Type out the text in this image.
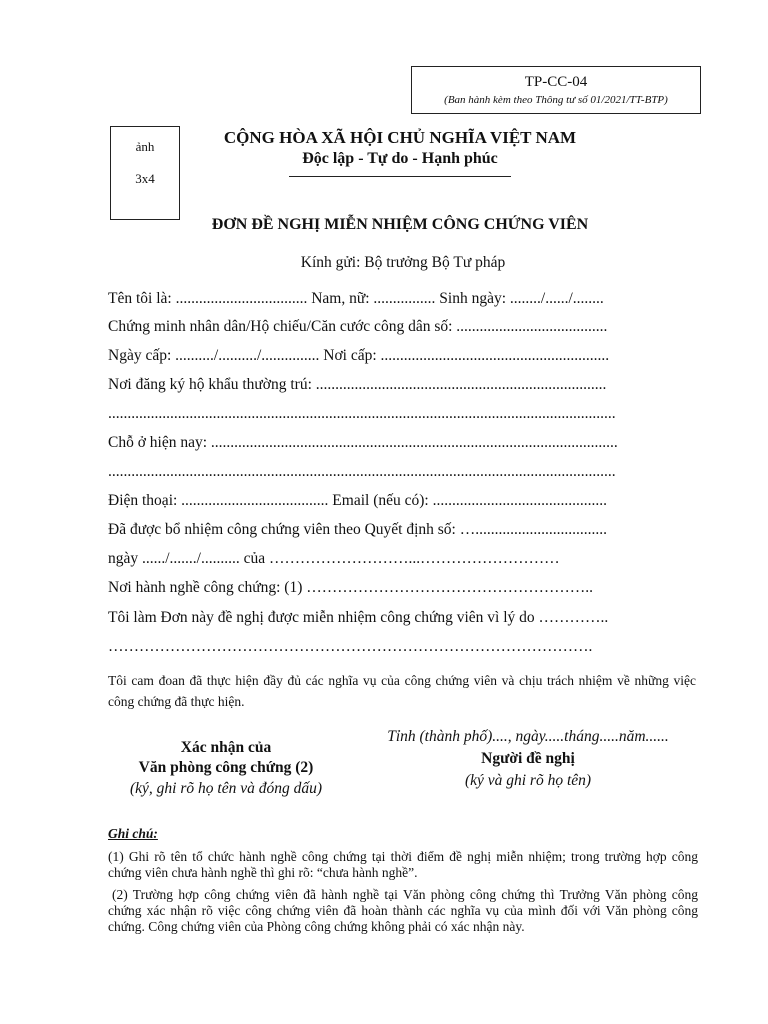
TP-CC-04
(Ban hành kèm theo Thông tư số 01/2021/TT-BTP)
ảnh
3x4
CỘNG HÒA XÃ HỘI CHỦ NGHĨA VIỆT NAM
Độc lập - Tự do - Hạnh phúc
ĐƠN ĐỀ NGHỊ MIỄN NHIỆM CÔNG CHỨNG VIÊN
Kính gửi: Bộ trưởng Bộ Tư pháp
Tên tôi là: .................................. Nam, nữ: ................ Sinh ngày: ......../....../........
Chứng minh nhân dân/Hộ chiếu/Căn cước công dân số: .......................................
Ngày cấp: ........../........../............... Nơi cấp: ...........................................................
Nơi đăng ký hộ khẩu thường trú: ...........................................................................
...................................................................................................................................
Chỗ ở hiện nay: .........................................................................................................
...................................................................................................................................
Điện thoại: ...................................... Email (nếu có): .............................................
Đã được bổ nhiệm công chứng viên theo Quyết định số: …..................................
ngày ....../......./.......... của ………………………...………………………
Nơi hành nghề công chứng: (1) ………………………………………………..
Tôi làm Đơn này đề nghị được miễn nhiệm công chứng viên vì lý do …………..
………………………………………………………………………………….
Tôi cam đoan đã thực hiện đầy đủ các nghĩa vụ của công chứng viên và chịu trách nhiệm về những việc công chứng đã thực hiện.
Xác nhận của
Văn phòng công chứng (2)
(ký, ghi rõ họ tên và đóng dấu)
Tỉnh (thành phố)...., ngày.....tháng.....năm......
Người đề nghị
(ký và ghi rõ họ tên)
Ghi chú:
(1) Ghi rõ tên tổ chức hành nghề công chứng tại thời điểm đề nghị miễn nhiệm; trong trường hợp công chứng viên chưa hành nghề thì ghi rõ: “chưa hành nghề”.
(2) Trường hợp công chứng viên đã hành nghề tại Văn phòng công chứng thì Trưởng Văn phòng công chứng xác nhận rõ việc công chứng viên đã hoàn thành các nghĩa vụ của mình đối với Văn phòng công chứng. Công chứng viên của Phòng công chứng không phải có xác nhận này.
